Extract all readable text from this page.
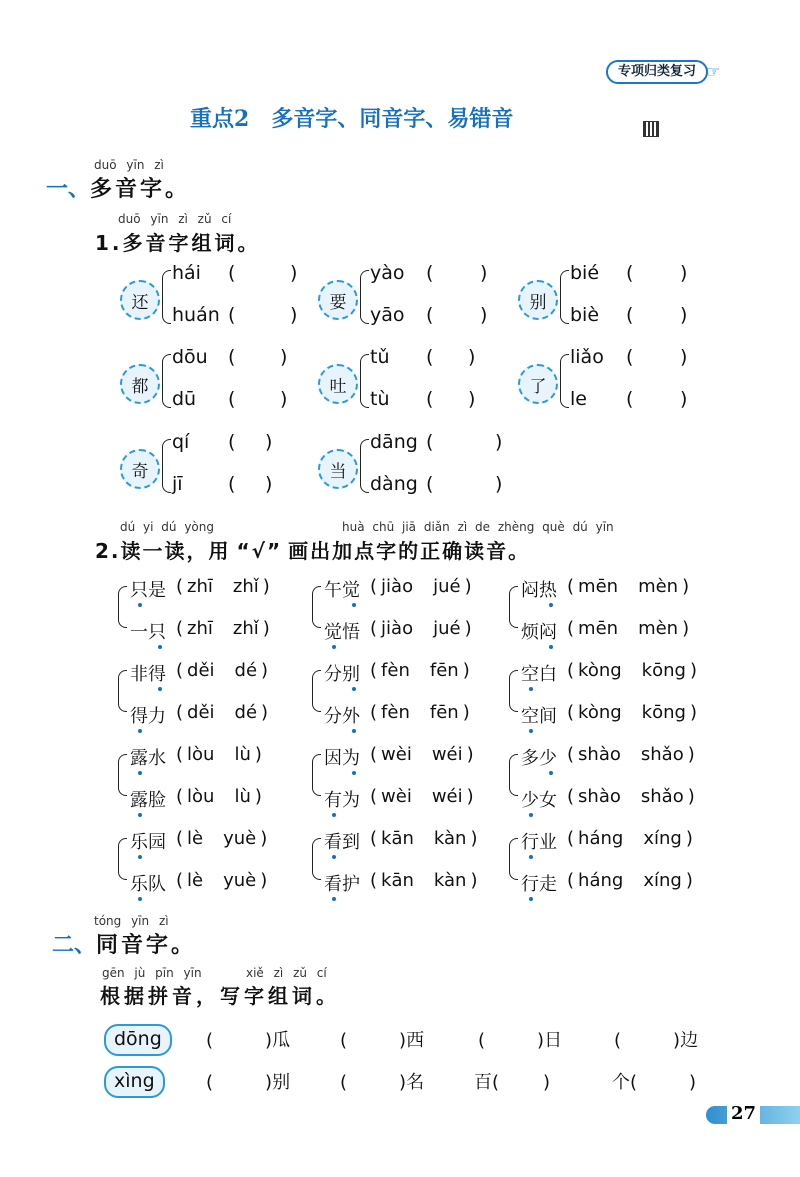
专项归类复习 ☞
重点2 多音字、同音字、易错音
duō yīn zì
一、多音字。
duō yīn zì zǔ cí
1.多音字组词。
还
hái (	)
huán (	)
要
yào ( )
yāo ( )
别
bié ( )
biè ( )
都
dōu ( )
dū ( )
吐
tǔ ( )
tù ( )
了
liǎo ( )
le ( )
奇
qí ( )
jī ( )
当
dāng (	)
dàng (	)
dú yi dú yòng	huà chū jiā diǎn zì de zhèng què dú yīn
2.读一读，用 “√” 画出加点字的正确读音。
只是 ( zhī zhǐ )	午觉 ( jiào jué )	闷热 ( mēn mèn )
一只 ( zhī zhǐ )	觉悟 ( jiào jué )	烦闷 ( mēn mèn )
非得 ( děi dé )	分别 ( fèn fēn )	空白 ( kòng kōng )
得力 ( děi dé )	分外 ( fèn fēn )	空间 ( kòng kōng )
露水 ( lòu lù )	因为 ( wèi wéi )	多少 ( shào shǎo )
露脸 ( lòu lù )	有为 ( wèi wéi )	少女 ( shào shǎo )
乐园 ( lè yuè )	看到 ( kān kàn ) 行业 ( háng xíng )
乐队 ( lè yuè )	看护 ( kān kàn ) 行走 ( háng xíng )
tóng yīn zì
二、同音字。
gēn jù pīn yīn	xiě zì zǔ cí
根据拼音，写字组词。
dōng	(	)瓜	(	)西	(	)日	(	)边
xìng	(	)别	(	)名	百( )	个(	)
27
